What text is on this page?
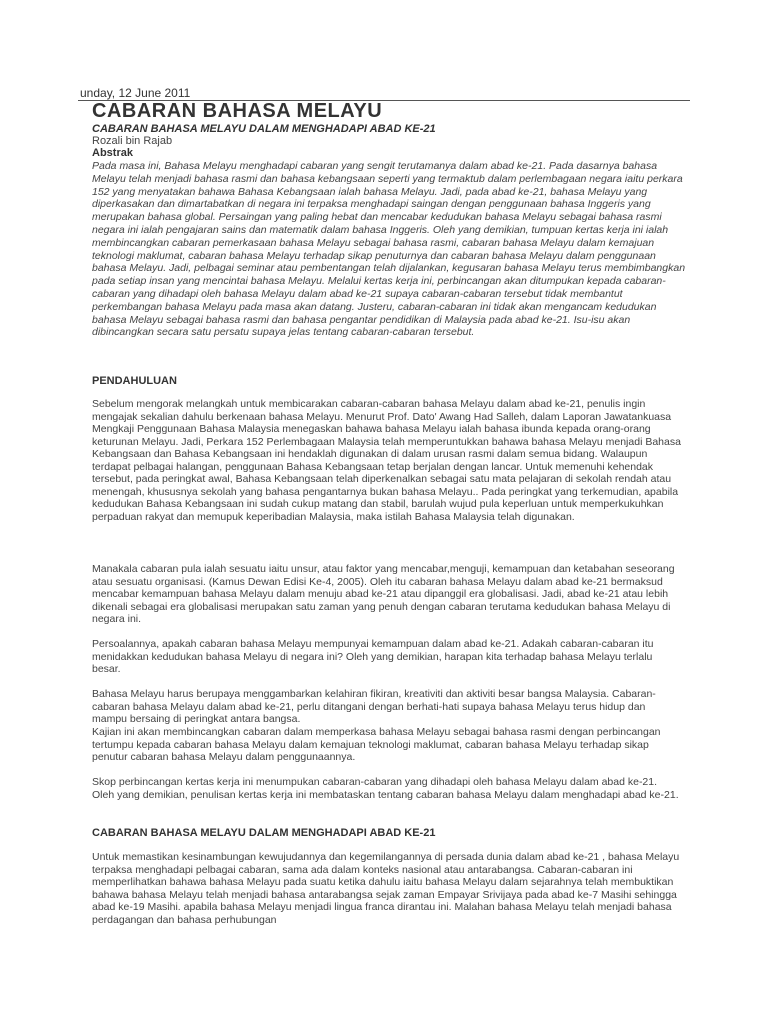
unday, 12 June 2011
CABARAN BAHASA MELAYU
CABARAN BAHASA MELAYU DALAM MENGHADAPI ABAD KE-21
Rozali bin Rajab
Abstrak

Pada masa ini, Bahasa Melayu menghadapi cabaran yang sengit terutamanya dalam abad ke-21. Pada dasarnya bahasa Melayu telah menjadi bahasa rasmi dan bahasa kebangsaan seperti yang termaktub dalam perlembagaan negara iaitu perkara 152 yang menyatakan bahawa Bahasa Kebangsaan ialah bahasa Melayu. Jadi, pada abad ke-21, bahasa Melayu yang diperkasakan dan dimartabatkan di negara ini terpaksa menghadapi saingan dengan penggunaan bahasa Inggeris yang merupakan bahasa global. Persaingan yang paling hebat dan mencabar kedudukan bahasa Melayu sebagai bahasa rasmi negara ini ialah pengajaran sains dan matematik dalam bahasa Inggeris. Oleh yang demikian, tumpuan kertas kerja ini ialah membincangkan cabaran pemerkasaan bahasa Melayu sebagai bahasa rasmi, cabaran bahasa Melayu dalam kemajuan teknologi maklumat, cabaran bahasa Melayu terhadap sikap penuturnya dan cabaran bahasa Melayu dalam penggunaan bahasa Melayu. Jadi, pelbagai seminar atau pembentangan telah dijalankan, kegusaran bahasa Melayu terus membimbangkan pada setiap insan yang mencintai bahasa Melayu. Melalui kertas kerja ini, perbincangan akan ditumpukan kepada cabaran-cabaran yang dihadapi oleh bahasa Melayu dalam abad ke-21 supaya cabaran-cabaran tersebut tidak membantut perkembangan bahasa Melayu pada masa akan datang. Justeru, cabaran-cabaran ini tidak akan mengancam kedudukan bahasa Melayu sebagai bahasa rasmi dan bahasa pengantar pendidikan di Malaysia pada abad ke-21. Isu-isu akan dibincangkan secara satu persatu supaya jelas tentang cabaran-cabaran tersebut.

PENDAHULUAN

Sebelum mengorak melangkah untuk membicarakan cabaran-cabaran bahasa Melayu dalam abad ke-21, penulis ingin mengajak sekalian dahulu berkenaan bahasa Melayu. Menurut Prof. Dato' Awang Had Salleh, dalam Laporan Jawatankuasa Mengkaji Penggunaan Bahasa Malaysia menegaskan bahawa bahasa Melayu ialah bahasa ibunda kepada orang-orang keturunan Melayu. Jadi, Perkara 152 Perlembagaan Malaysia telah memperuntukkan bahawa bahasa Melayu menjadi Bahasa Kebangsaan dan Bahasa Kebangsaan ini hendaklah digunakan di dalam urusan rasmi dalam semua bidang. Walaupun terdapat pelbagai halangan, penggunaan Bahasa Kebangsaan tetap berjalan dengan lancar. Untuk memenuhi kehendak tersebut, pada peringkat awal, Bahasa Kebangsaan telah diperkenalkan sebagai satu mata pelajaran di sekolah rendah atau menengah, khususnya sekolah yang bahasa pengantarnya bukan bahasa Melayu.. Pada peringkat yang terkemudian, apabila kedudukan Bahasa Kebangsaan ini sudah cukup matang dan stabil, barulah wujud pula keperluan untuk memperkukuhkan perpaduan rakyat dan memupuk keperibadian Malaysia, maka istilah Bahasa Malaysia telah digunakan.

Manakala cabaran pula ialah sesuatu iaitu unsur, atau faktor yang mencabar,menguji, kemampuan dan ketabahan seseorang atau sesuatu organisasi. (Kamus Dewan Edisi Ke-4, 2005). Oleh itu cabaran bahasa Melayu dalam abad ke-21 bermaksud mencabar kemampuan bahasa Melayu dalam menuju abad ke-21 atau dipanggil era globalisasi. Jadi, abad ke-21 atau lebih dikenali sebagai era globalisasi merupakan satu zaman yang penuh dengan cabaran terutama kedudukan bahasa Melayu di negara ini.

Persoalannya, apakah cabaran bahasa Melayu mempunyai kemampuan dalam abad ke-21. Adakah cabaran-cabaran itu menidakkan kedudukan bahasa Melayu di negara ini? Oleh yang demikian, harapan kita terhadap bahasa Melayu terlalu besar.

Bahasa Melayu harus berupaya menggambarkan kelahiran fikiran, kreativiti dan aktiviti besar bangsa Malaysia. Cabaran-cabaran bahasa Melayu dalam abad ke-21, perlu ditangani dengan berhati-hati supaya bahasa Melayu terus hidup dan mampu bersaing di peringkat antara bangsa.

Kajian ini akan membincangkan cabaran dalam memperkasa bahasa Melayu sebagai bahasa rasmi dengan perbincangan tertumpu kepada cabaran bahasa Melayu dalam kemajuan teknologi maklumat, cabaran bahasa Melayu terhadap sikap penutur cabaran bahasa Melayu dalam penggunaannya.

Skop perbincangan kertas kerja ini menumpukan cabaran-cabaran yang dihadapi oleh bahasa Melayu dalam abad ke-21. Oleh yang demikian, penulisan kertas kerja ini membataskan tentang cabaran bahasa Melayu dalam menghadapi abad ke-21.

CABARAN BAHASA MELAYU DALAM MENGHADAPI ABAD KE-21

Untuk memastikan kesinambungan kewujudannya dan kegemilangannya di persada dunia dalam abad ke-21 , bahasa Melayu terpaksa menghadapi pelbagai cabaran, sama ada dalam konteks nasional atau antarabangsa. Cabaran-cabaran ini memperlihatkan bahawa bahasa Melayu pada suatu ketika dahulu iaitu bahasa Melayu dalam sejarahnya telah membuktikan bahawa bahasa Melayu telah menjadi bahasa antarabangsa sejak zaman Empayar Srivijaya pada abad ke-7 Masihi sehingga abad ke-19 Masihi. apabila bahasa Melayu menjadi lingua franca dirantau ini. Malahan bahasa Melayu telah menjadi bahasa perdagangan dan bahasa perhubungan
